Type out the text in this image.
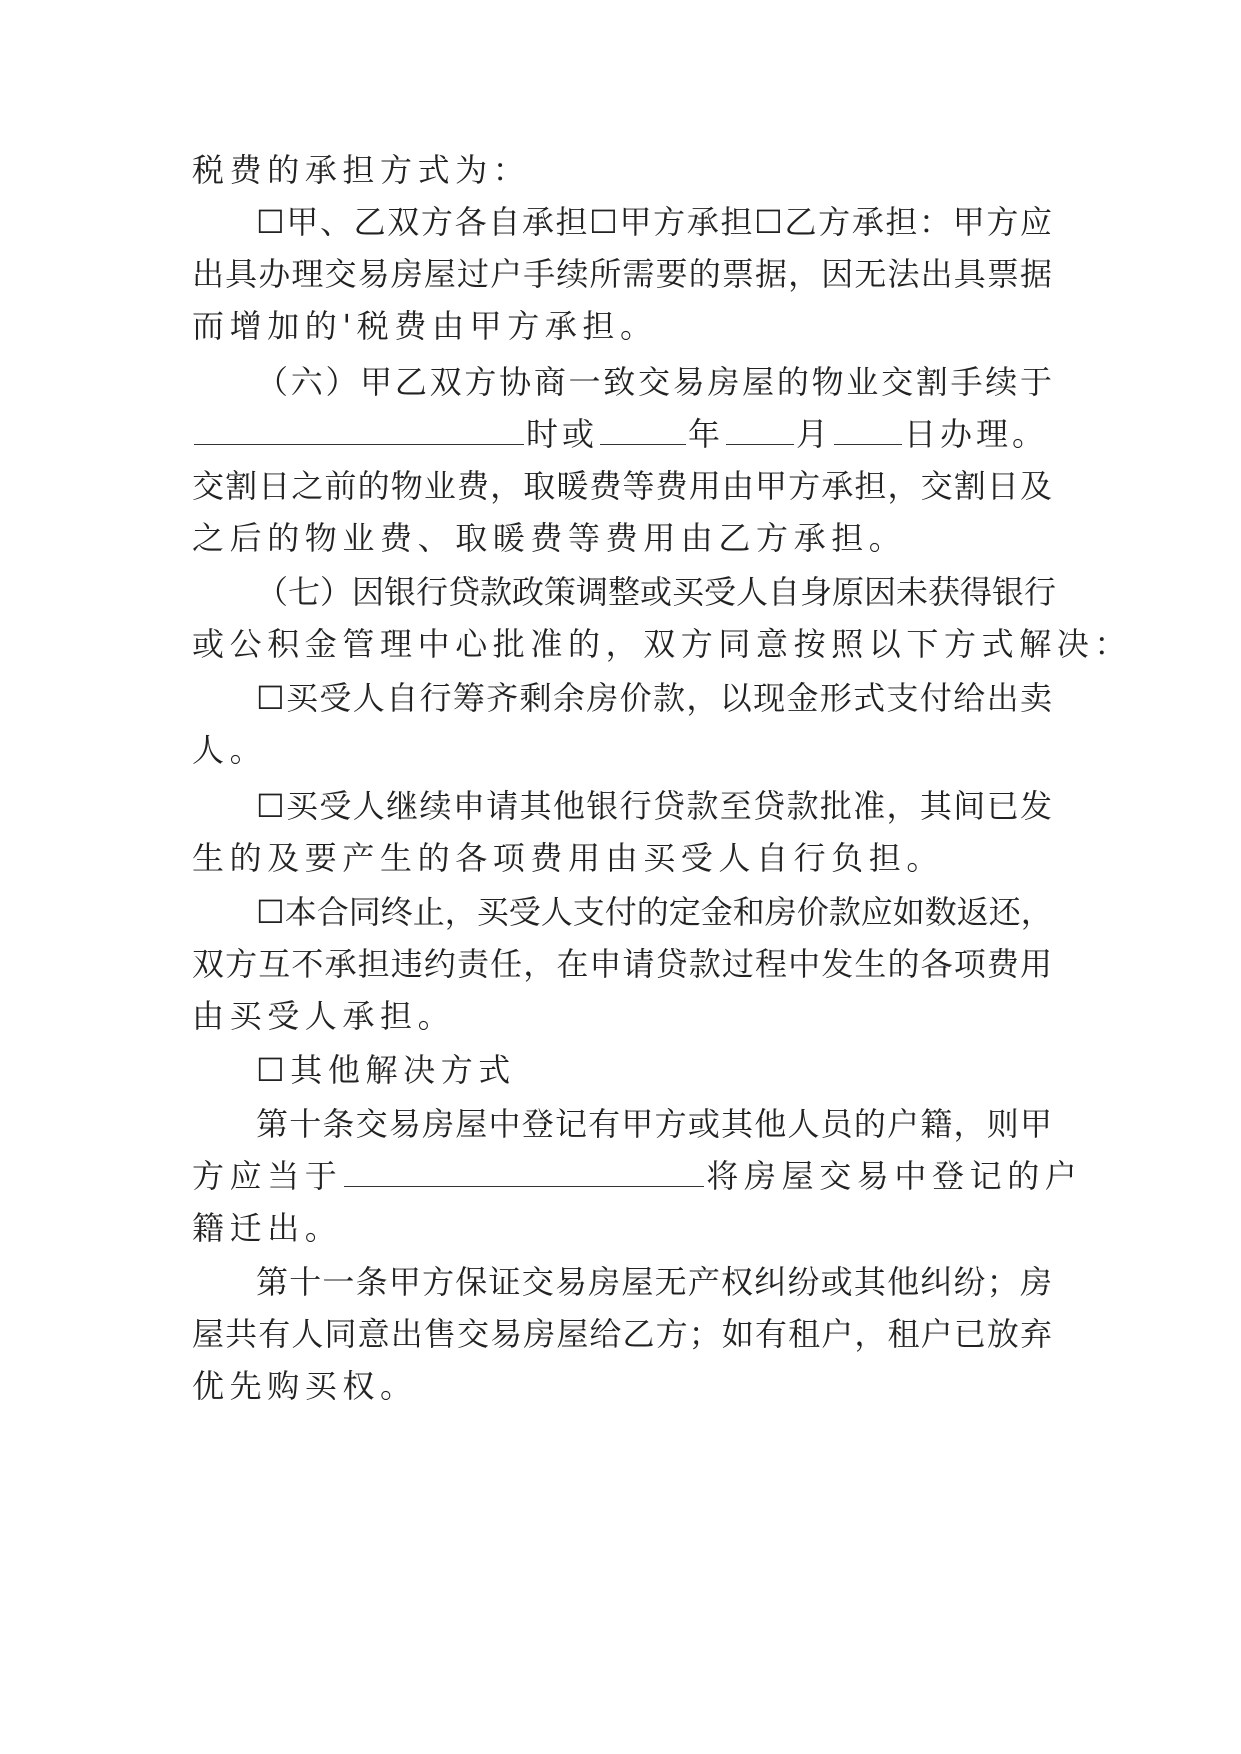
税费的承担方式为：
☐甲、乙双方各自承担☐甲方承担☐乙方承担：甲方应
出具办理交易房屋过户手续所需要的票据，因无法出具票据
而增加的'税费由甲方承担。
（六）甲乙双方协商一致交易房屋的物业交割手续于
时或	年 月 日办理。
交割日之前的物业费，取暖费等费用由甲方承担，交割日及
之后的物业费、取暖费等费用由乙方承担。
（七）因银行贷款政策调整或买受人自身原因未获得银行
或公积金管理中心批准的，双方同意按照以下方式解决：
☐买受人自行筹齐剩余房价款，以现金形式支付给出卖
人。
☐买受人继续申请其他银行贷款至贷款批准，其间已发
生的及要产生的各项费用由买受人自行负担。
☐本合同终止，买受人支付的定金和房价款应如数返还，
双方互不承担违约责任，在申请贷款过程中发生的各项费用
由买受人承担。
☐其他解决方式
第十条交易房屋中登记有甲方或其他人员的户籍，则甲
方应当于	将房屋交易中登记的户
籍迁出。
第十一条甲方保证交易房屋无产权纠纷或其他纠纷；房
屋共有人同意出售交易房屋给乙方；如有租户，租户已放弃
优先购买权。
